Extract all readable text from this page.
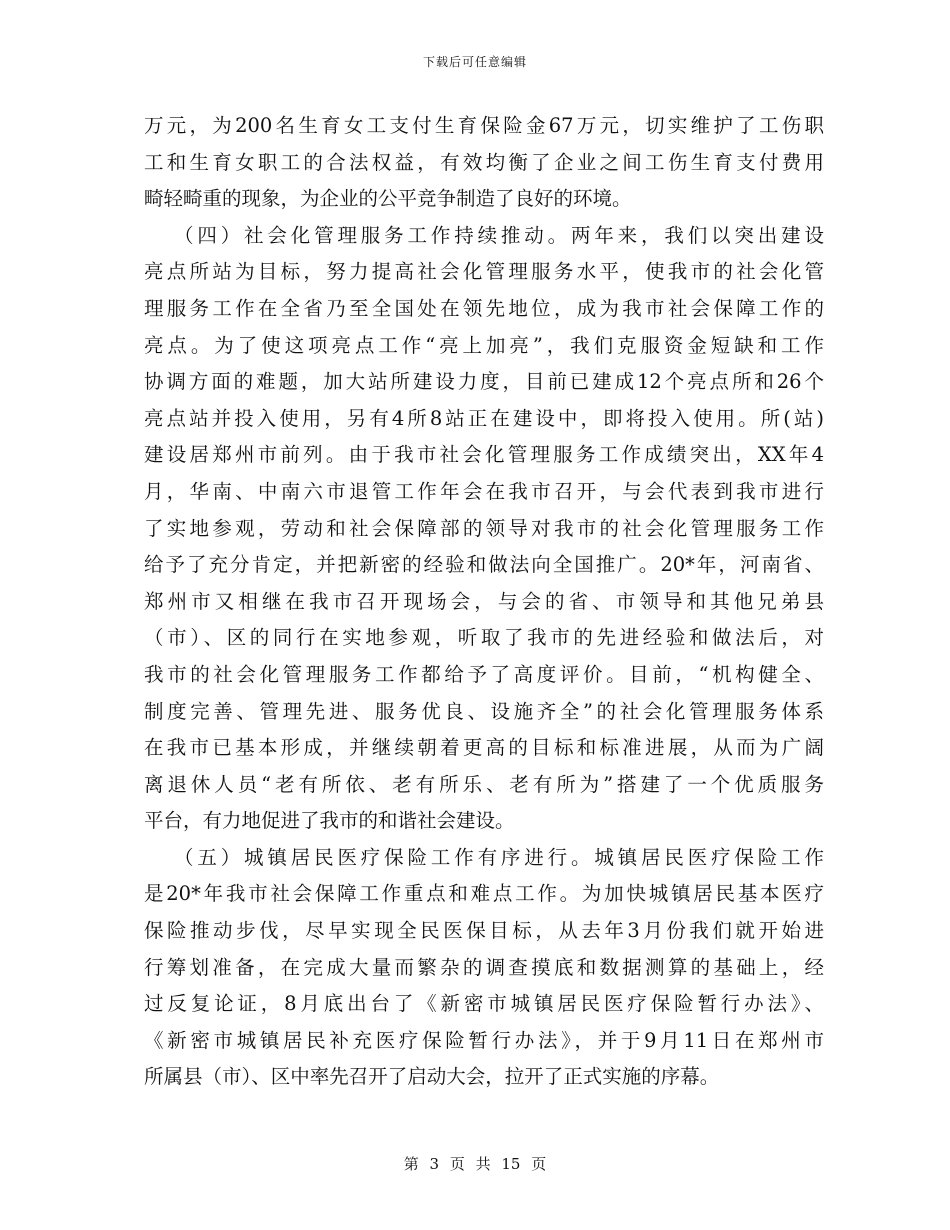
下载后可任意编辑
万元，为200名生育女工支付生育保险金67万元，切实维护了工伤职
工和生育女职工的合法权益，有效均衡了企业之间工伤生育支付费用
畸轻畸重的现象，为企业的公平竞争制造了良好的环境。
（四）社会化管理服务工作持续推动。两年来，我们以突出建设
亮点所站为目标，努力提高社会化管理服务水平，使我市的社会化管
理服务工作在全省乃至全国处在领先地位，成为我市社会保障工作的
亮点。为了使这项亮点工作“亮上加亮”，我们克服资金短缺和工作
协调方面的难题，加大站所建设力度，目前已建成12个亮点所和26个
亮点站并投入使用，另有4所8站正在建设中，即将投入使用。所(站)
建设居郑州市前列。由于我市社会化管理服务工作成绩突出，XX年4
月，华南、中南六市退管工作年会在我市召开，与会代表到我市进行
了实地参观，劳动和社会保障部的领导对我市的社会化管理服务工作
给予了充分肯定，并把新密的经验和做法向全国推广。20*年，河南省、
郑州市又相继在我市召开现场会，与会的省、市领导和其他兄弟县
（市）、区的同行在实地参观，听取了我市的先进经验和做法后，对
我市的社会化管理服务工作都给予了高度评价。目前，“机构健全、
制度完善、管理先进、服务优良、设施齐全”的社会化管理服务体系
在我市已基本形成，并继续朝着更高的目标和标准进展，从而为广阔
离退休人员“老有所依、老有所乐、老有所为”搭建了一个优质服务
平台，有力地促进了我市的和谐社会建设。
（五）城镇居民医疗保险工作有序进行。城镇居民医疗保险工作
是20*年我市社会保障工作重点和难点工作。为加快城镇居民基本医疗
保险推动步伐，尽早实现全民医保目标，从去年3月份我们就开始进
行筹划准备，在完成大量而繁杂的调查摸底和数据测算的基础上，经
过反复论证，8月底出台了《新密市城镇居民医疗保险暂行办法》、
《新密市城镇居民补充医疗保险暂行办法》，并于9月11日在郑州市
所属县（市）、区中率先召开了启动大会，拉开了正式实施的序幕。
第 3 页 共 15 页
